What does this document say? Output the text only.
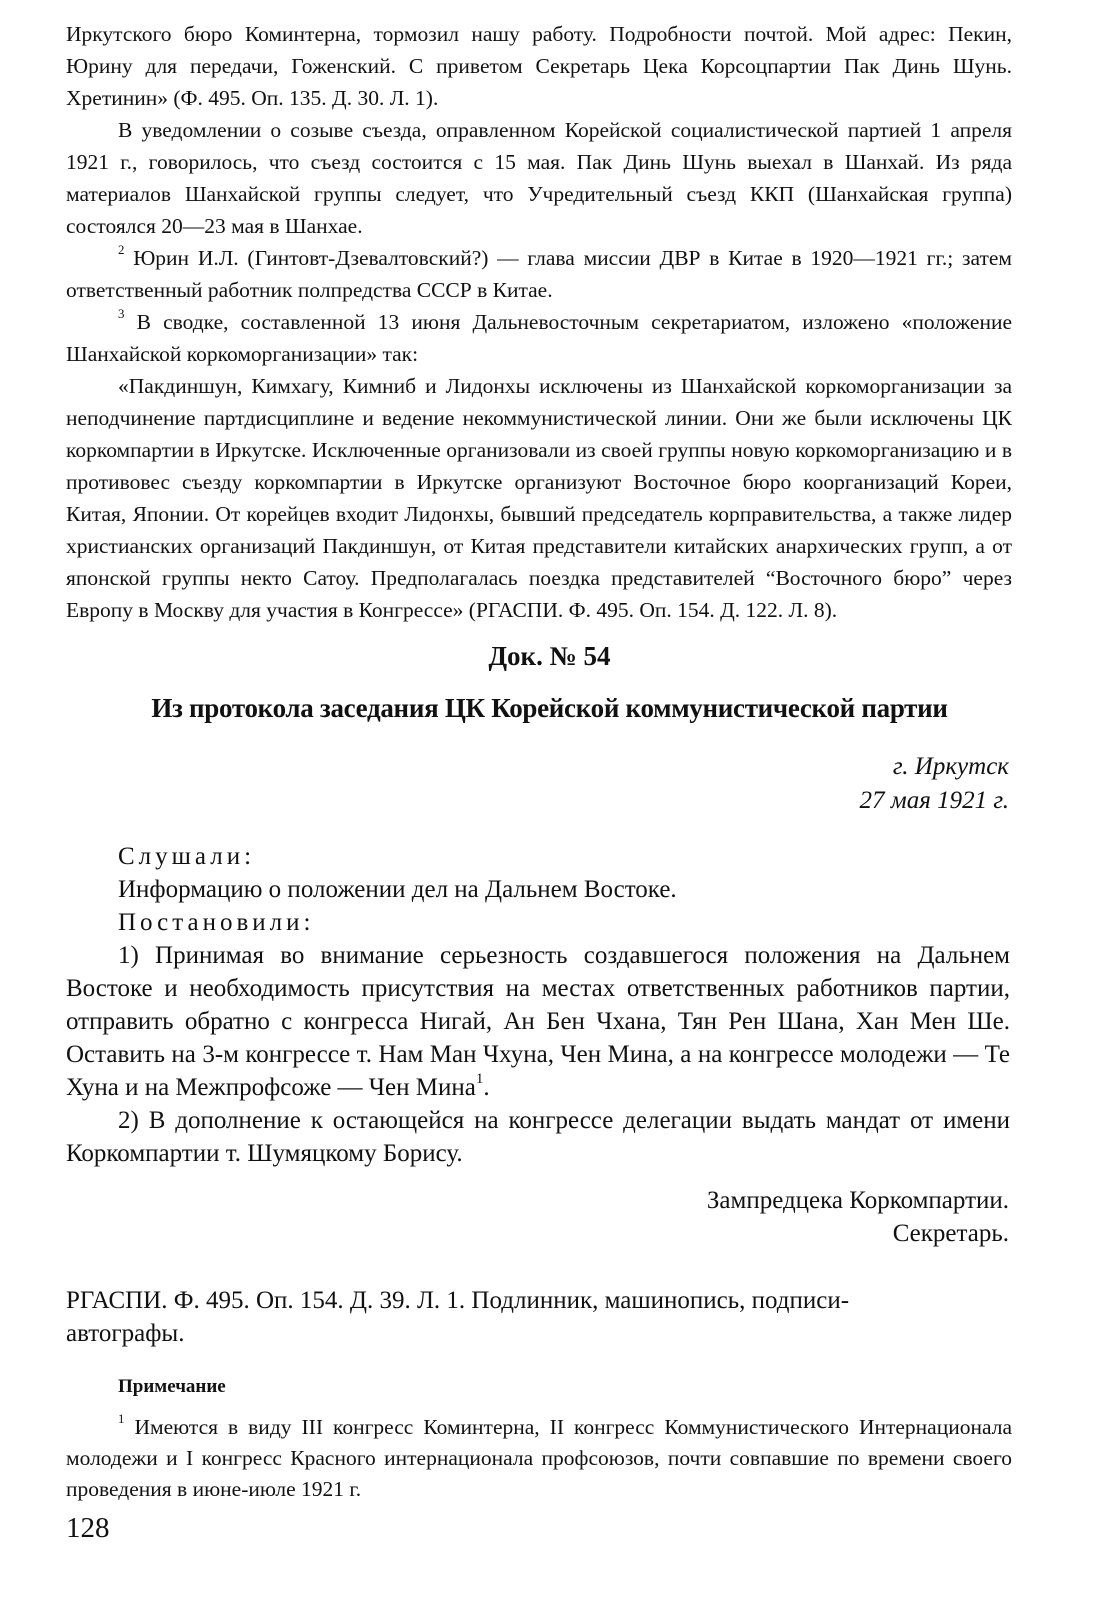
Иркутского бюро Коминтерна, тормозил нашу работу. Подробности почтой. Мой адрес: Пекин, Юрину для передачи, Гоженский. С приветом Секретарь Цека Корсоцпартии Пак Динь Шунь. Хретинин» (Ф. 495. Оп. 135. Д. 30. Л. 1).

В уведомлении о созыве съезда, оправленном Корейской социалистической партией 1 апреля 1921 г., говорилось, что съезд состоится с 15 мая. Пак Динь Шунь выехал в Шанхай. Из ряда материалов Шанхайской группы следует, что Учредительный съезд ККП (Шанхайская группа) состоялся 20—23 мая в Шанхае.

$^2$ Юрин И.Л. (Гинтовт-Дзевалтовский?) — глава миссии ДВР в Китае в 1920—1921 гг.; затем ответственный работник полпредства СССР в Китае.

$^3$ В сводке, составленной 13 июня Дальневосточным секретариатом, изложено «положение Шанхайской коркоморганизации» так:

«Пакдиншун, Кимхагу, Кимниб и Лидонхы исключены из Шанхайской коркоморганизации за неподчинение партдисциплине и ведение некоммунистической линии. Они же были исключены ЦК коркомпартии в Иркутске. Исключенные организовали из своей группы новую коркоморганизацию и в противовес съезду коркомпартии в Иркутске организуют Восточное бюро коорганизаций Кореи, Китая, Японии. От корейцев входит Лидонхы, бывший председатель корправительства, а также лидер христианских организаций Пакдиншун, от Китая представители китайских анархических групп, а от японской группы некто Сатоу. Предполагалась поездка представителей “Восточного бюро” через Европу в Москву для участия в Конгрессе» (РГАСПИ. Ф. 495. Оп. 154. Д. 122. Л. 8).

Док. № 54
Из протокола заседания ЦК Корейской коммунистической партии
г. Иркутск
27 мая 1921 г.

Слушали:

Информацию о положении дел на Дальнем Востоке.

Постановили:

1) Принимая во внимание серьезность создавшегося положения на Дальнем Востоке и необходимость присутствия на местах ответственных работников партии, отправить обратно с конгресса Нигай, Ан Бен Чхана, Тян Рен Шана, Хан Мен Ше. Оставить на 3-м конгрессе т. Нам Ман Чхуна, Чен Мина, а на конгрессе молодежи — Те Хуна и на Межпрофсоже — Чен Мина$^1$.

2) В дополнение к остающейся на конгрессе делегации выдать мандат от имени Коркомпартии т. Шумяцкому Борису.

Зампредцека Коркомпартии.
Секретарь.
РГАСПИ. Ф. 495. Оп. 154. Д. 39. Л. 1. Подлинник, машинопись, подписи-автографы.
Примечание

$^1$ Имеются в виду III конгресс Коминтерна, II конгресс Коммунистического Интернационала молодежи и I конгресс Красного интернационала профсоюзов, почти совпавшие по времени своего проведения в июне-июле 1921 г.

128
